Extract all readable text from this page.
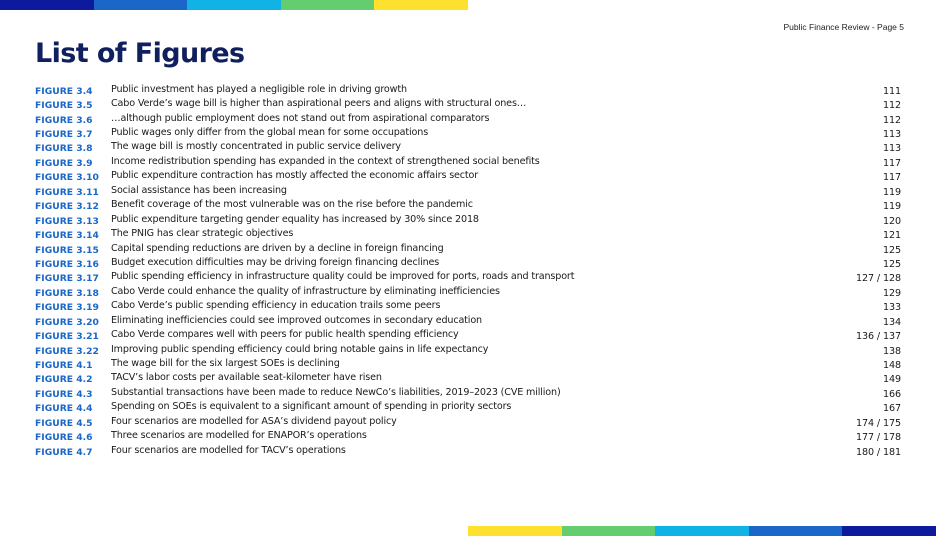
Public Finance Review - Page 5
List of Figures
FIGURE 3.4	Public investment has played a negligible role in driving growth	111
FIGURE 3.5	Cabo Verde’s wage bill is higher than aspirational peers and aligns with structural ones…	112
FIGURE 3.6	…although public employment does not stand out from aspirational comparators	112
FIGURE 3.7	Public wages only differ from the global mean for some occupations	113
FIGURE 3.8	The wage bill is mostly concentrated in public service delivery	113
FIGURE 3.9	Income redistribution spending has expanded in the context of strengthened social benefits	117
FIGURE 3.10	Public expenditure contraction has mostly affected the economic affairs sector	117
FIGURE 3.11	Social assistance has been increasing	119
FIGURE 3.12	Benefit coverage of the most vulnerable was on the rise before the pandemic	119
FIGURE 3.13	Public expenditure targeting gender equality has increased by 30% since 2018	120
FIGURE 3.14	The PNIG has clear strategic objectives	121
FIGURE 3.15	Capital spending reductions are driven by a decline in foreign financing	125
FIGURE 3.16	Budget execution difficulties may be driving foreign financing declines	125
FIGURE 3.17	Public spending efficiency in infrastructure quality could be improved for ports, roads and transport	127 / 128
FIGURE 3.18	Cabo Verde could enhance the quality of infrastructure by eliminating inefficiencies	129
FIGURE 3.19	Cabo Verde’s public spending efficiency in education trails some peers	133
FIGURE 3.20	Eliminating inefficiencies could see improved outcomes in secondary education	134
FIGURE 3.21	Cabo Verde compares well with peers for public health spending efficiency	136 / 137
FIGURE 3.22	Improving public spending efficiency could bring notable gains in life expectancy	138
FIGURE 4.1	The wage bill for the six largest SOEs is declining	148
FIGURE 4.2	TACV’s labor costs per available seat-kilometer have risen	149
FIGURE 4.3	Substantial transactions have been made to reduce NewCo’s liabilities, 2019–2023 (CVE million)	166
FIGURE 4.4	Spending on SOEs is equivalent to a significant amount of spending in priority sectors	167
FIGURE 4.5	Four scenarios are modelled for ASA’s dividend payout policy	174 / 175
FIGURE 4.6	Three scenarios are modelled for ENAPOR’s operations	177 / 178
FIGURE 4.7	Four scenarios are modelled for TACV’s operations	180 / 181
